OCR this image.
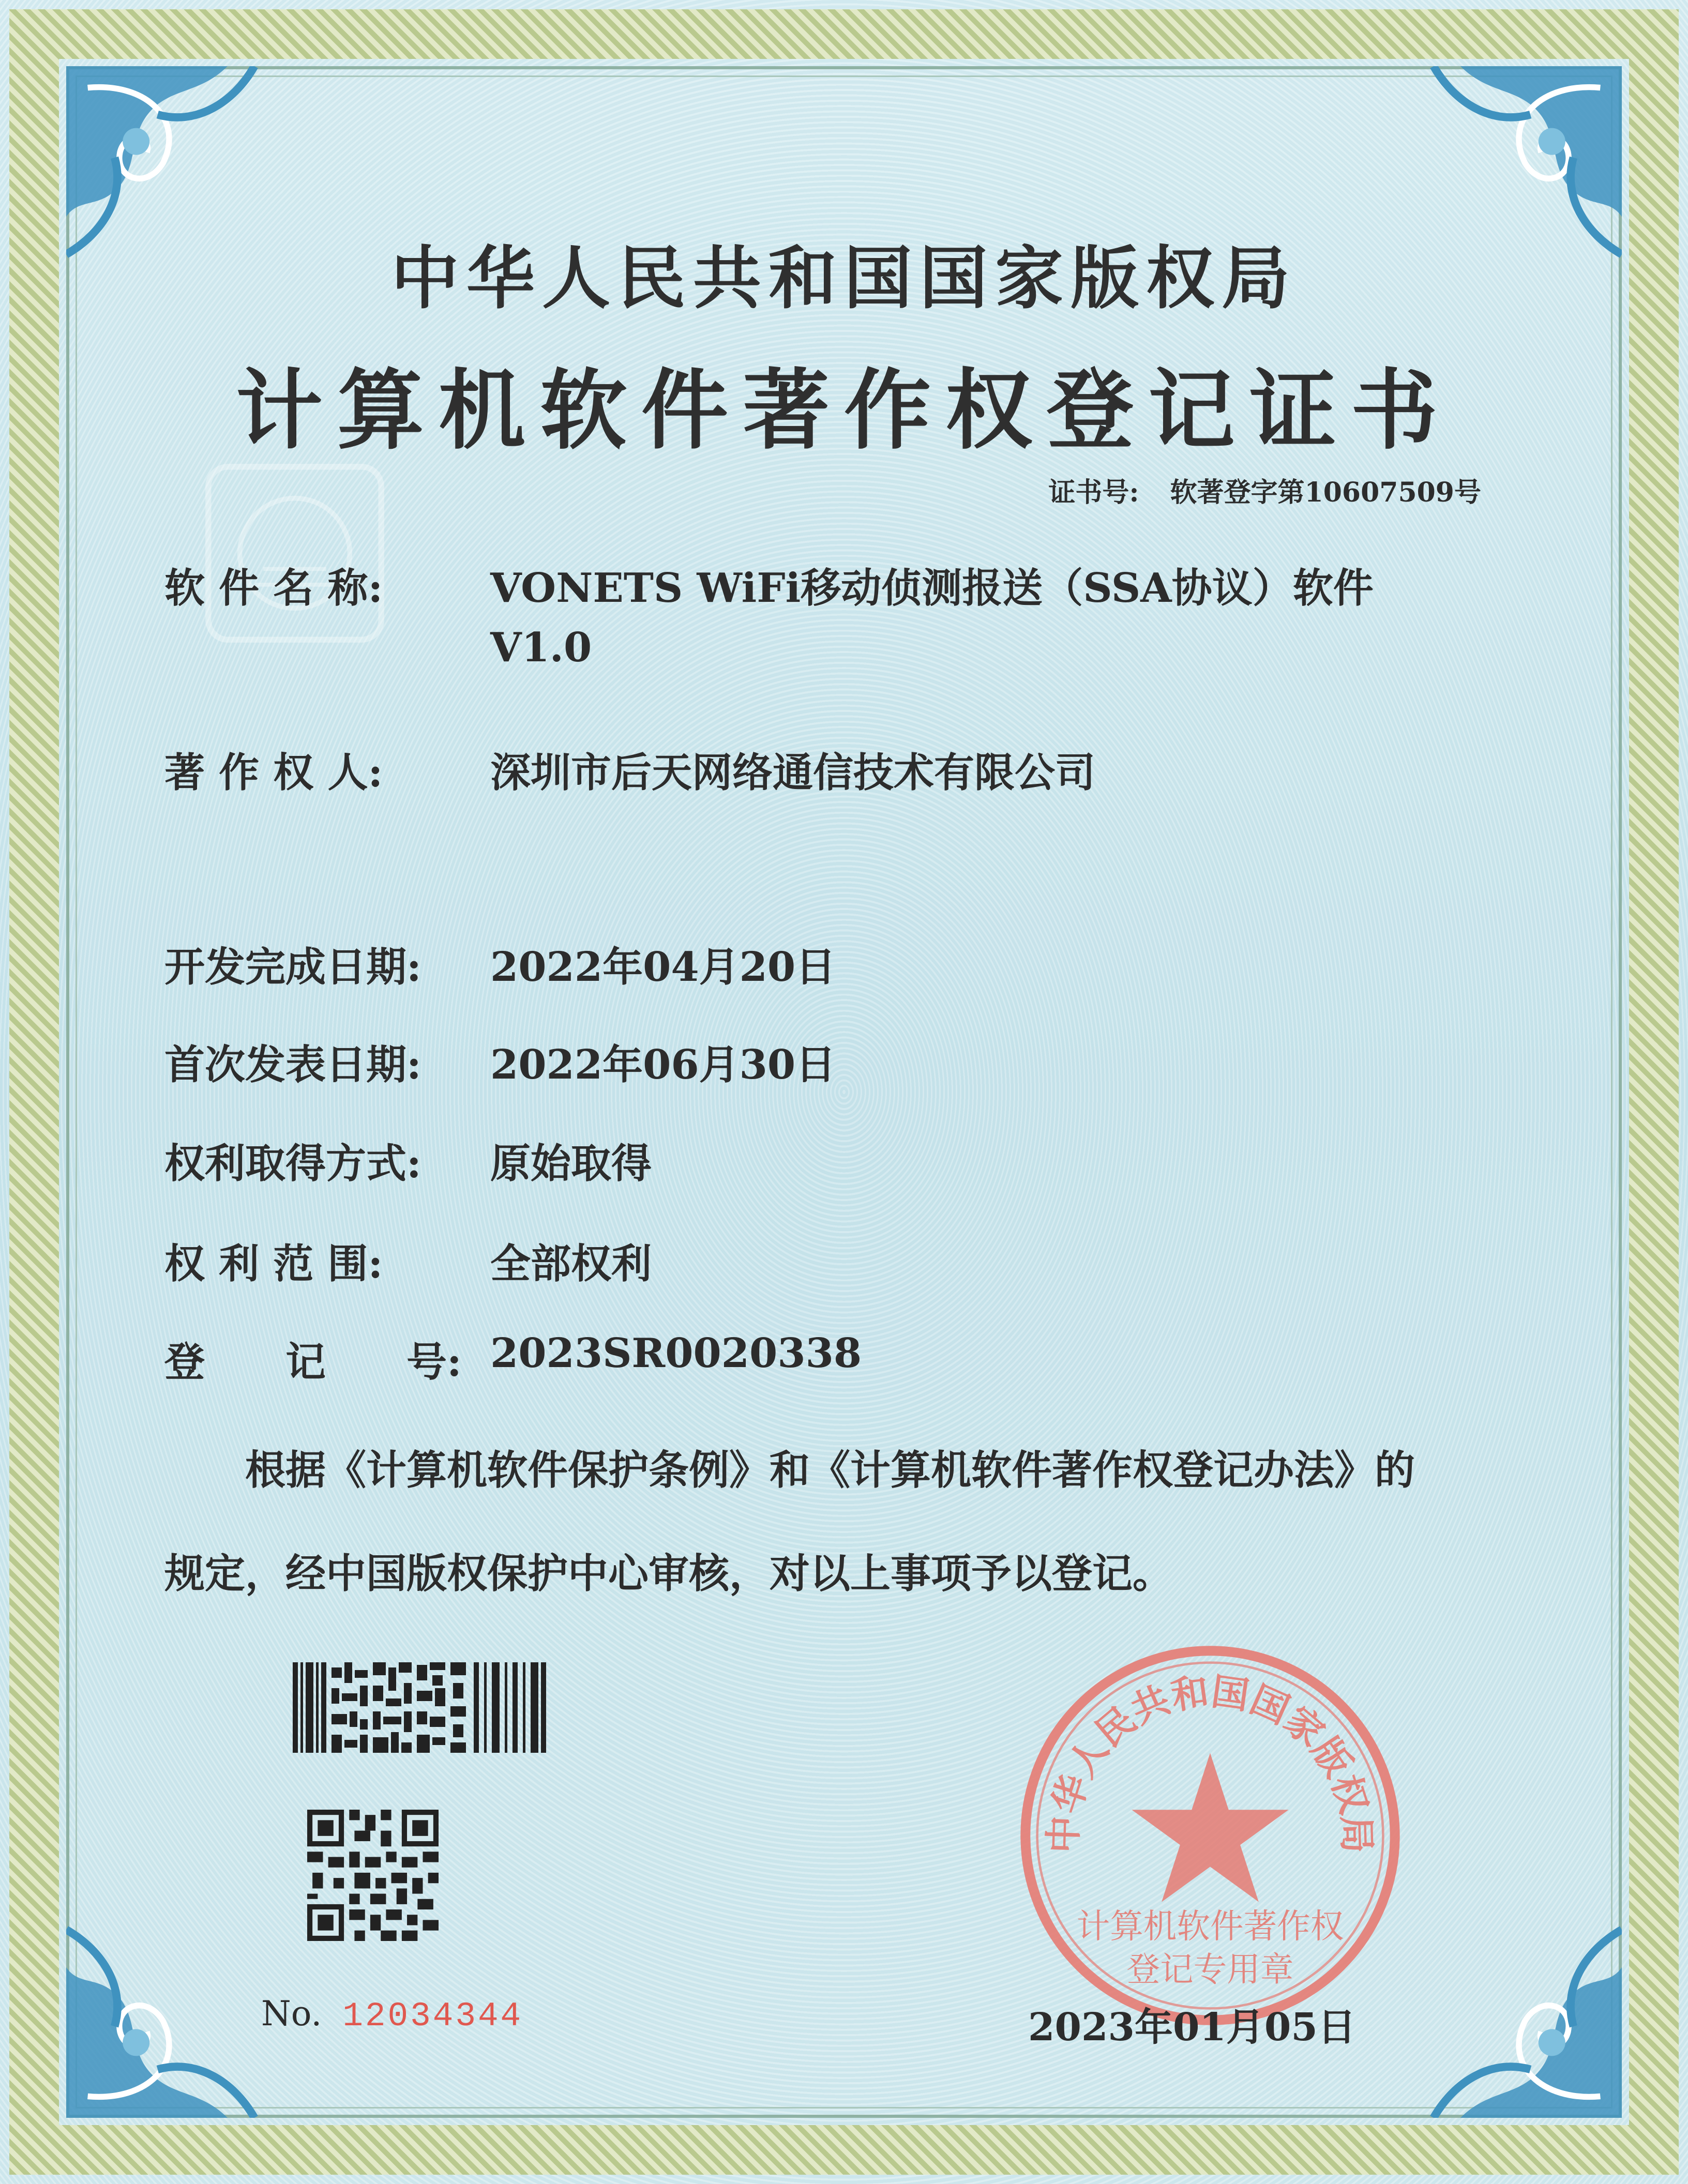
中华人民共和国国家版权局
计算机软件著作权登记证书
证书号: 软著登字第10607509号
软 件 名 称:	VONETS WiFi移动侦测报送（SSA协议）软件
V1.0
著 作 权 人:	深圳市后天网络通信技术有限公司
开发完成日期: 2022年04月20日
首次发表日期: 2022年06月30日
权利取得方式: 原始取得
权 利 范 围:	全部权利
登　　记　　号: 2023SR0020338
　　根据《计算机软件保护条例》和《计算机软件著作权登记办法》的
规定，经中国版权保护中心审核，对以上事项予以登记。
No. 12034344
中华人民共和国国家版权局
计算机软件著作权
登记专用章
2023年01月05日
